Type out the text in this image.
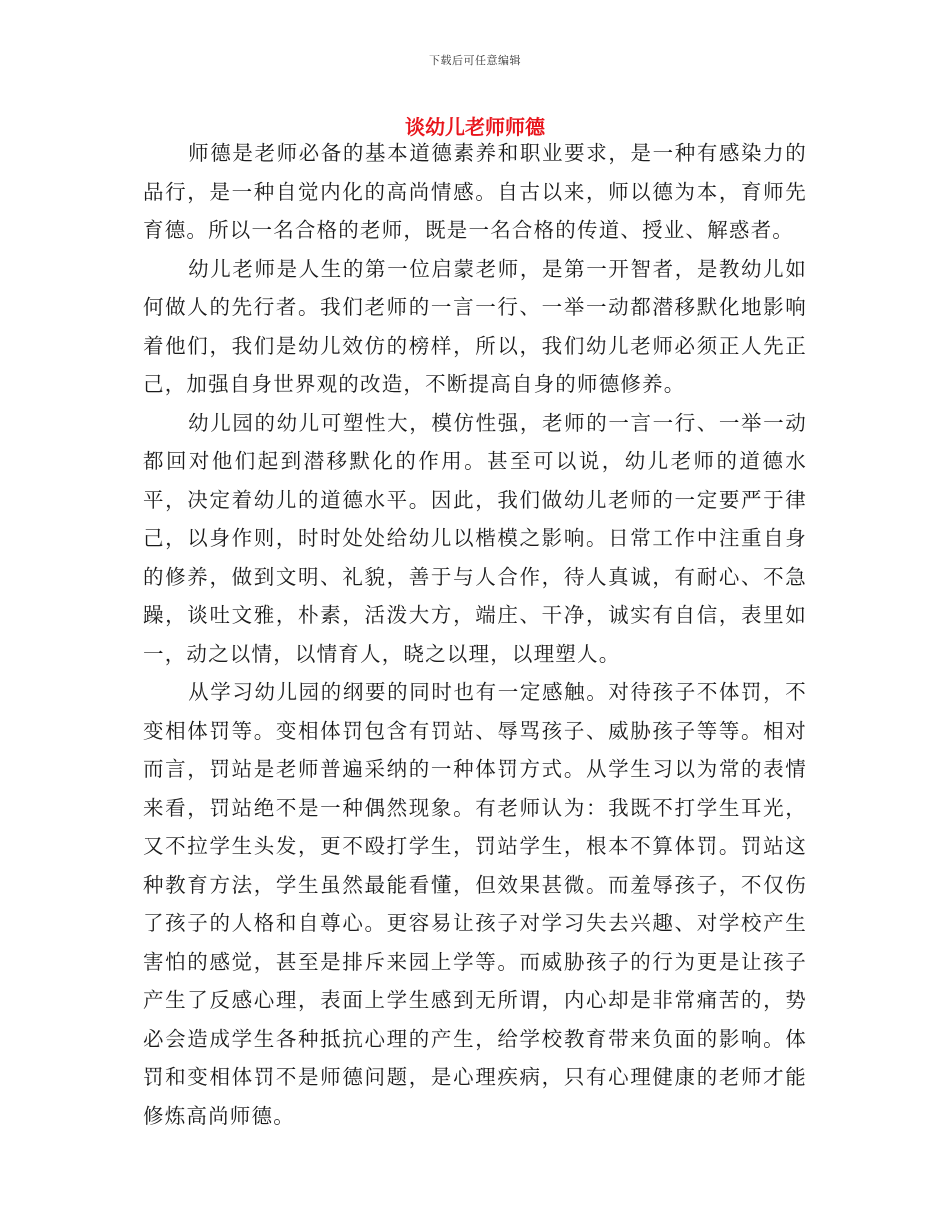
下载后可任意编辑
谈幼儿老师师德

师德是老师必备的基本道德素养和职业要求，是一种有感染力的品行，是一种自觉内化的高尚情感。自古以来，师以德为本，育师先育德。所以一名合格的老师，既是一名合格的传道、授业、解惑者。

幼儿老师是人生的第一位启蒙老师，是第一开智者，是教幼儿如何做人的先行者。我们老师的一言一行、一举一动都潜移默化地影响着他们，我们是幼儿效仿的榜样，所以，我们幼儿老师必须正人先正己，加强自身世界观的改造，不断提高自身的师德修养。

幼儿园的幼儿可塑性大，模仿性强，老师的一言一行、一举一动都回对他们起到潜移默化的作用。甚至可以说，幼儿老师的道德水平，决定着幼儿的道德水平。因此，我们做幼儿老师的一定要严于律己，以身作则，时时处处给幼儿以楷模之影响。日常工作中注重自身的修养，做到文明、礼貌，善于与人合作，待人真诚，有耐心、不急躁，谈吐文雅，朴素，活泼大方，端庄、干净，诚实有自信，表里如一，动之以情，以情育人，晓之以理，以理塑人。

从学习幼儿园的纲要的同时也有一定感触。对待孩子不体罚，不变相体罚等。变相体罚包含有罚站、辱骂孩子、威胁孩子等等。相对而言，罚站是老师普遍采纳的一种体罚方式。从学生习以为常的表情来看，罚站绝不是一种偶然现象。有老师认为：我既不打学生耳光，又不拉学生头发，更不殴打学生，罚站学生，根本不算体罚。罚站这种教育方法，学生虽然最能看懂，但效果甚微。而羞辱孩子，不仅伤了孩子的人格和自尊心。更容易让孩子对学习失去兴趣、对学校产生害怕的感觉，甚至是排斥来园上学等。而威胁孩子的行为更是让孩子产生了反感心理，表面上学生感到无所谓，内心却是非常痛苦的，势必会造成学生各种抵抗心理的产生，给学校教育带来负面的影响。体罚和变相体罚不是师德问题，是心理疾病，只有心理健康的老师才能修炼高尚师德。
